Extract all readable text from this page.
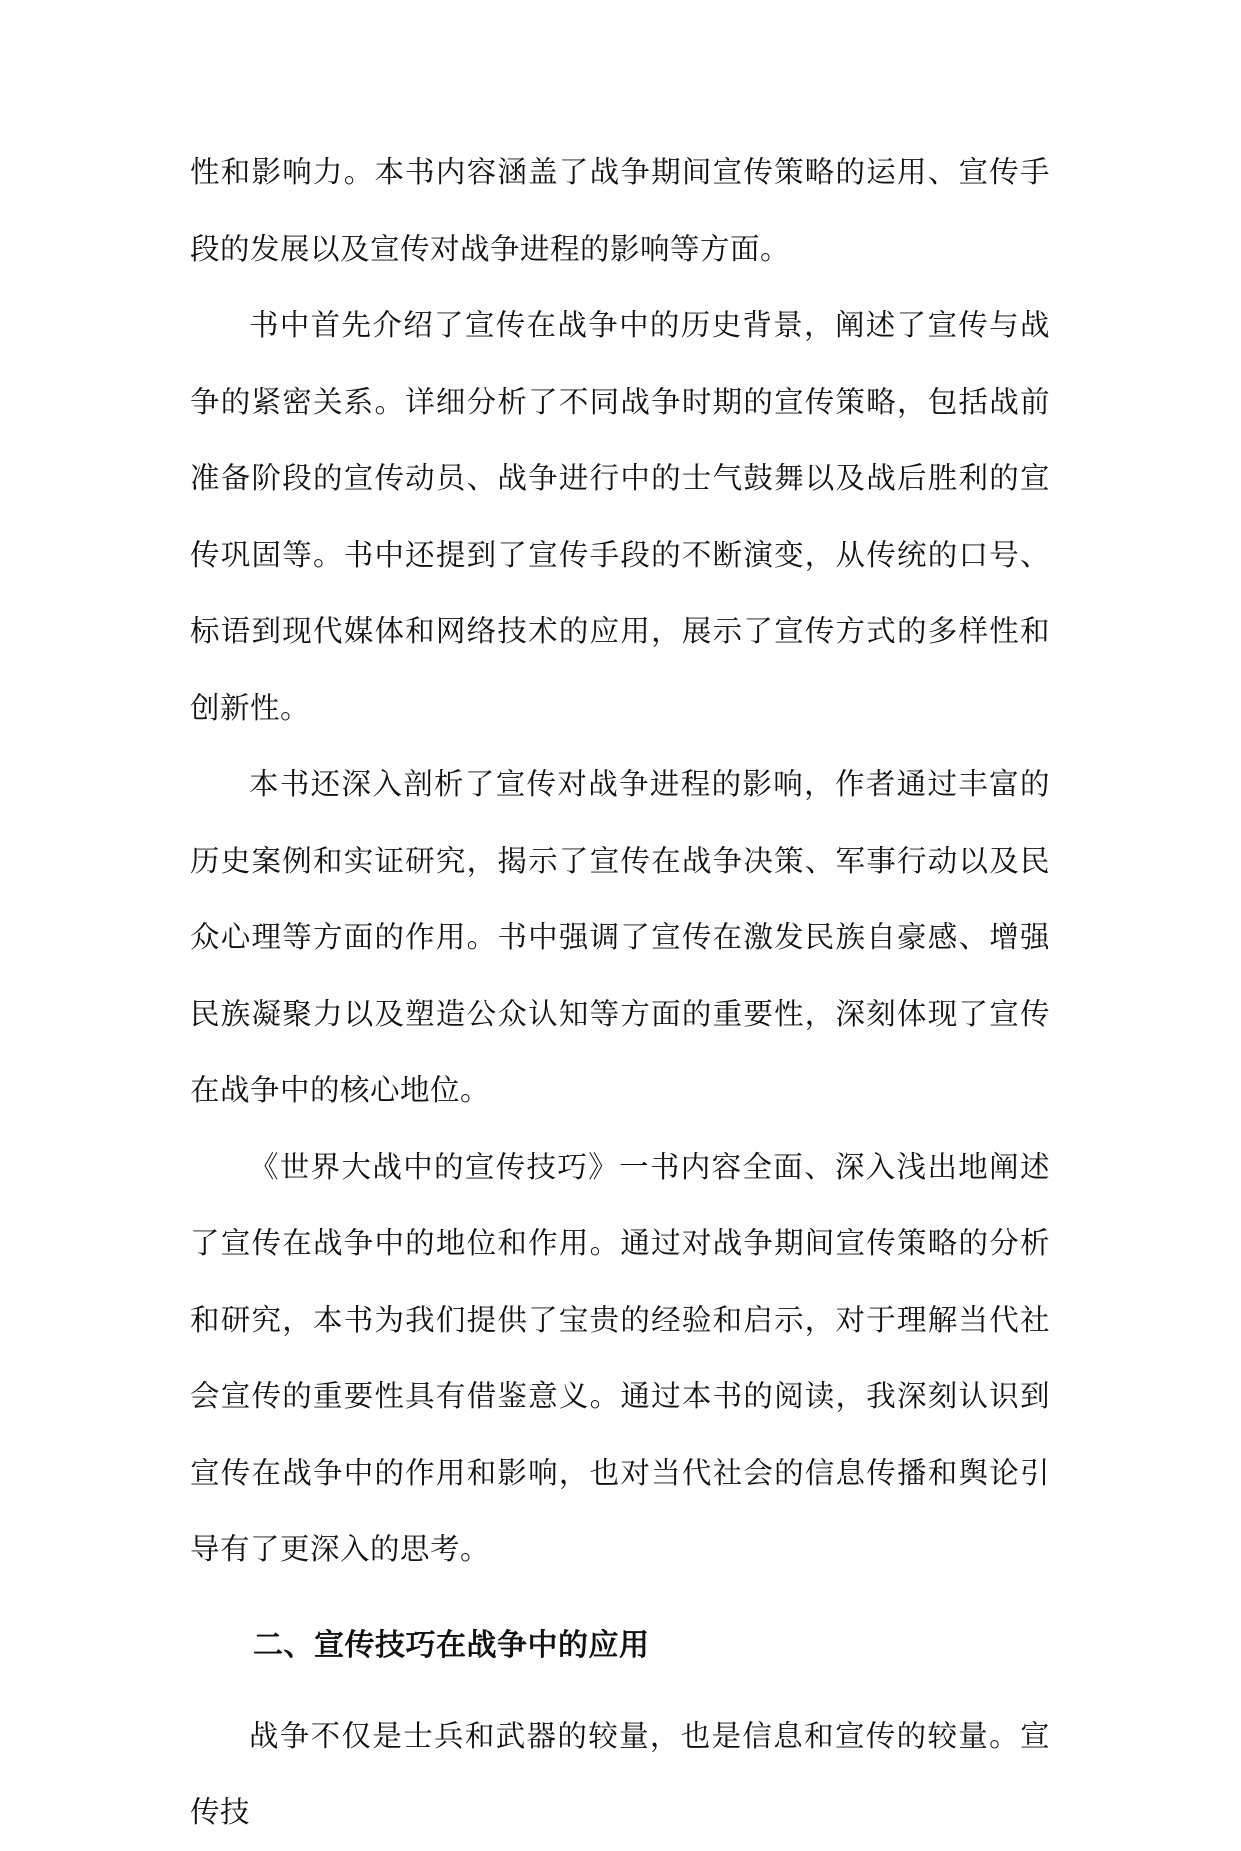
性和影响力。本书内容涵盖了战争期间宣传策略的运用、宣传手段的发展以及宣传对战争进程的影响等方面。

书中首先介绍了宣传在战争中的历史背景，阐述了宣传与战争的紧密关系。详细分析了不同战争时期的宣传策略，包括战前准备阶段的宣传动员、战争进行中的士气鼓舞以及战后胜利的宣传巩固等。书中还提到了宣传手段的不断演变，从传统的口号、标语到现代媒体和网络技术的应用，展示了宣传方式的多样性和创新性。

本书还深入剖析了宣传对战争进程的影响，作者通过丰富的历史案例和实证研究，揭示了宣传在战争决策、军事行动以及民众心理等方面的作用。书中强调了宣传在激发民族自豪感、增强民族凝聚力以及塑造公众认知等方面的重要性，深刻体现了宣传在战争中的核心地位。

《世界大战中的宣传技巧》一书内容全面、深入浅出地阐述了宣传在战争中的地位和作用。通过对战争期间宣传策略的分析和研究，本书为我们提供了宝贵的经验和启示，对于理解当代社会宣传的重要性具有借鉴意义。通过本书的阅读，我深刻认识到宣传在战争中的作用和影响，也对当代社会的信息传播和舆论引导有了更深入的思考。

二、宣传技巧在战争中的应用

战争不仅是士兵和武器的较量，也是信息和宣传的较量。宣传技
